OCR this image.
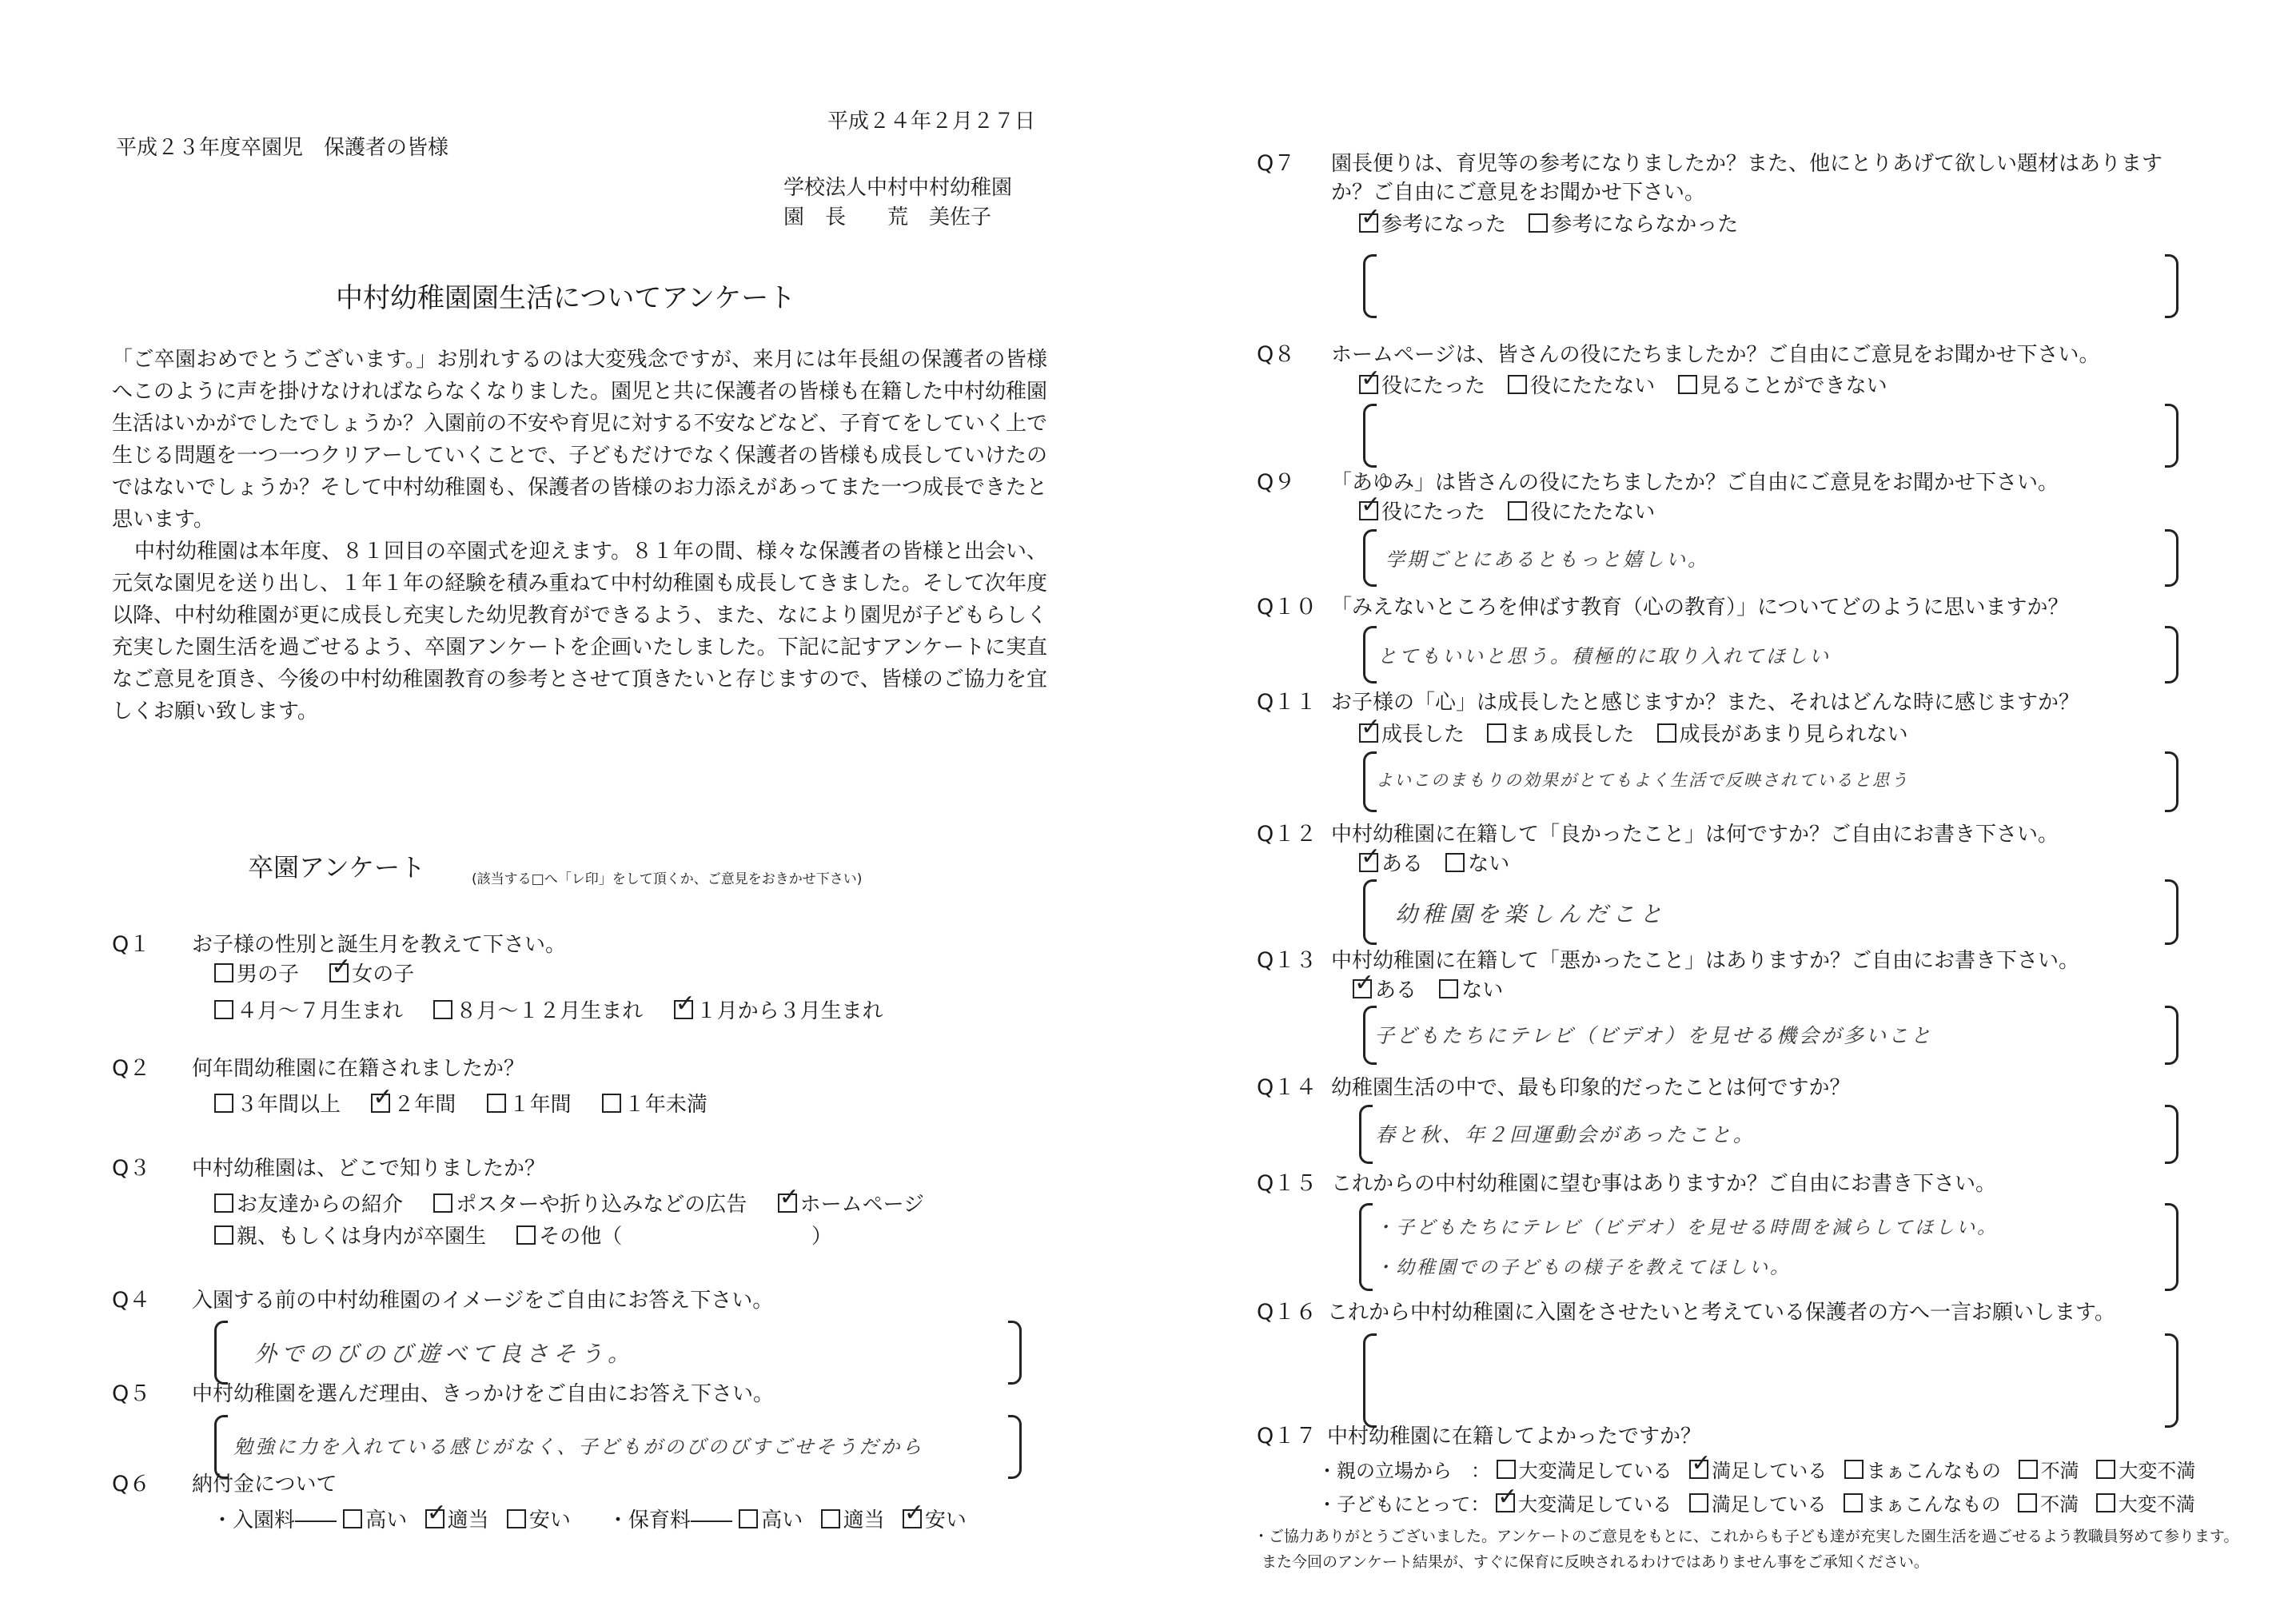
平成２４年２月２７日
平成２３年度卒園児　保護者の皆様
学校法人中村中村幼稚園
園　長　　荒　美佐子
中村幼稚園園生活についてアンケート

「ご卒園おめでとうございます。」お別れするのは大変残念ですが、来月には年長組の保護者の皆様へこのように声を掛けなければならなくなりました。園児と共に保護者の皆様も在籍した中村幼稚園生活はいかがでしたでしょうか？入園前の不安や育児に対する不安などなど、子育てをしていく上で生じる問題を一つ一つクリアーしていくことで、子どもだけでなく保護者の皆様も成長していけたのではないでしょうか？そして中村幼稚園も、保護者の皆様のお力添えがあってまた一つ成長できたと思います。

中村幼稚園は本年度、８１回目の卒園式を迎えます。８１年の間、様々な保護者の皆様と出会い、元気な園児を送り出し、１年１年の経験を積み重ねて中村幼稚園も成長してきました。そして次年度以降、中村幼稚園が更に成長し充実した幼児教育ができるよう、また、なにより園児が子どもらしく充実した園生活を過ごせるよう、卒園アンケートを企画いたしました。下記に記すアンケートに実直なご意見を頂き、今後の中村幼稚園教育の参考とさせて頂きたいと存じますので、皆様のご協力を宜しくお願い致します。

卒園アンケート	(該当する□へ「レ印」をして頂くか、ご意見をおきかせ下さい)
Q１ お子様の性別と誕生月を教えて下さい。
男の子 ✓	女の子
４月～７月生まれ	８月～１２月生まれ ✓	１月から３月生まれ
Q２ 何年間幼稚園に在籍されましたか？
３年間以上 ✓	２年間	１年間	１年未満
Q３ 中村幼稚園は、どこで知りましたか？
お友達からの紹介	ポスターや折り込みなどの広告 ✓	ホームページ
親、もしくは身内が卒園生	その他（	）
Q４ 入園する前の中村幼稚園のイメージをご自由にお答え下さい。
外でのびのび遊べて良さそう。
Q５ 中村幼稚園を選んだ理由、きっかけをご自由にお答え下さい。
勉強に力を入れている感じがなく、子どもがのびのびすごせそうだから
Q６ 納付金について
・入園料―― 高い ✓ 適当 安い	・保育料―― 高い 適当 ✓ 安い
Q７ 園長便りは、育児等の参考になりましたか？また、他にとりあげて欲しい題材はあります
か？ご自由にご意見をお聞かせ下さい。
✓参考になった 参考にならなかった
Q８ ホームページは、皆さんの役にたちましたか？ご自由にご意見をお聞かせ下さい。
✓役にたった 役にたたない 見ることができない
Q９ 「あゆみ」は皆さんの役にたちましたか？ご自由にご意見をお聞かせ下さい。
✓役にたった 役にたたない
学期ごとにあるともっと嬉しい。
Q１０ 「みえないところを伸ばす教育（心の教育）」についてどのように思いますか？
とてもいいと思う。積極的に取り入れてほしい
Q１１ お子様の「心」は成長したと感じますか？また、それはどんな時に感じますか？
✓成長した まぁ成長した 成長があまり見られない
よいこのまもりの効果がとてもよく生活で反映されていると思う
Q１２ 中村幼稚園に在籍して「良かったこと」は何ですか？ご自由にお書き下さい。
✓ある ない
幼稚園を楽しんだこと
Q１３ 中村幼稚園に在籍して「悪かったこと」はありますか？ご自由にお書き下さい。
✓ある ない
子どもたちにテレビ（ビデオ）を見せる機会が多いこと
Q１４ 幼稚園生活の中で、最も印象的だったことは何ですか？
春と秋、年２回運動会があったこと。
Q１５ これからの中村幼稚園に望む事はありますか？ご自由にお書き下さい。
・子どもたちにテレビ（ビデオ）を見せる時間を減らしてほしい。
・幼稚園での子どもの様子を教えてほしい。
Q１６ これから中村幼稚園に入園をさせたいと考えている保護者の方へ一言お願いします。
Q１７ 中村幼稚園に在籍してよかったですか？
・親の立場から　： 大変満足している ✓ 満足している まぁこんなもの 不満 大変不満
・子どもにとって： ✓ 大変満足している 満足している まぁこんなもの 不満 大変不満
・ご協力ありがとうございました。アンケートのご意見をもとに、これからも子ども達が充実した園生活を過ごせるよう教職員努めて参ります。
また今回のアンケート結果が、すぐに保育に反映されるわけではありません事をご承知ください。
